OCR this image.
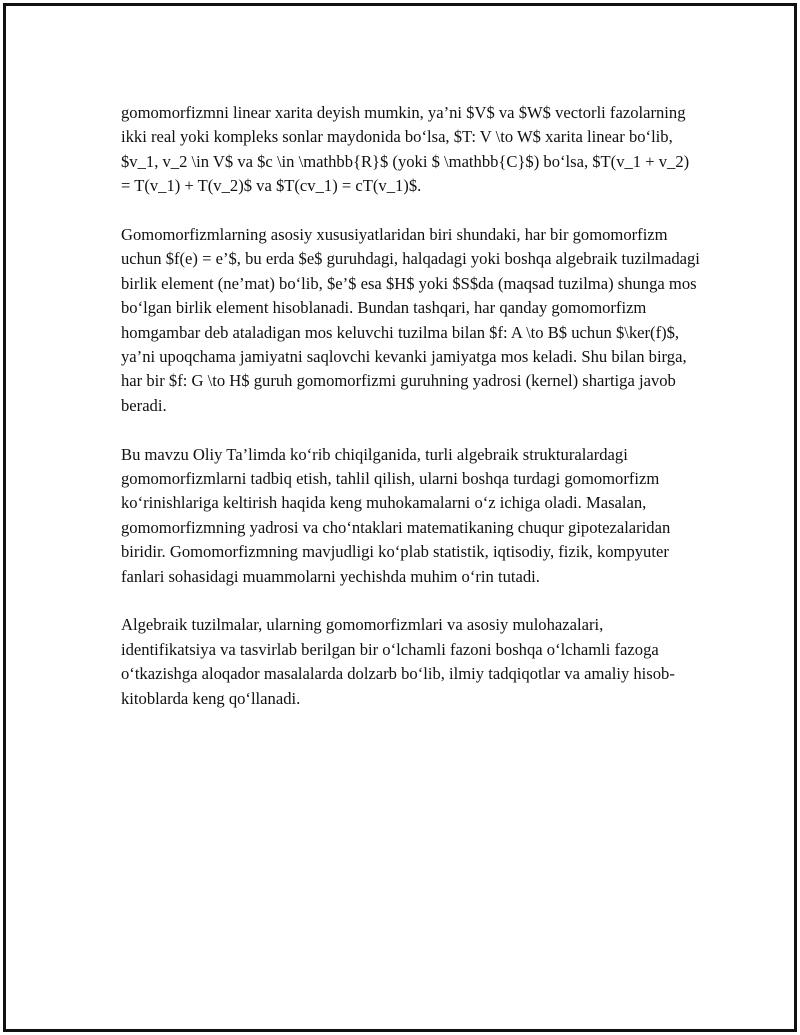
gomomorfizmni linear xarita deyish mumkin, ya’ni $V$ va $W$ vectorli fazolarning ikki real yoki kompleks sonlar maydonida bo‘lsa, $T: V \to W$ xarita linear bo‘lib, $v_1, v_2 \in V$ va $c \in \mathbb{R}$ (yoki $ \mathbb{C}$) bo‘lsa, $T(v_1 + v_2) = T(v_1) + T(v_2)$ va $T(cv_1) = cT(v_1)$.

Gomomorfizmlarning asosiy xususiyatlaridan biri shundaki, har bir gomomorfizm uchun $f(e) = e’$, bu erda $e$ guruhdagi, halqadagi yoki boshqa algebraik tuzilmadagi birlik element (ne’mat) bo‘lib, $e’$ esa $H$ yoki $S$da (maqsad tuzilma) shunga mos bo‘lgan birlik element hisoblanadi. Bundan tashqari, har qanday gomomorfizm homgambar deb ataladigan mos keluvchi tuzilma bilan $f: A \to B$ uchun $\ker(f)$, ya’ni upoqchama jamiyatni saqlovchi kevanki jamiyatga mos keladi. Shu bilan birga, har bir $f: G \to H$ guruh gomomorfizmi guruhning yadrosi (kernel) shartiga javob beradi.

Bu mavzu Oliy Ta’limda ko‘rib chiqilganida, turli algebraik strukturalardagi gomomorfizmlarni tadbiq etish, tahlil qilish, ularni boshqa turdagi gomomorfizm ko‘rinishlariga keltirish haqida keng muhokamalarni o‘z ichiga oladi. Masalan, gomomorfizmning yadrosi va cho‘ntaklari matematikaning chuqur gipotezalaridan biridir. Gomomorfizmning mavjudligi ko‘plab statistik, iqtisodiy, fizik, kompyuter fanlari sohasidagi muammolarni yechishda muhim o‘rin tutadi.

Algebraik tuzilmalar, ularning gomomorfizmlari va asosiy mulohazalari, identifikatsiya va tasvirlab berilgan bir o‘lchamli fazoni boshqa o‘lchamli fazoga o‘tkazishga aloqador masalalarda dolzarb bo‘lib, ilmiy tadqiqotlar va amaliy hisob-kitoblarda keng qo‘llanadi.
